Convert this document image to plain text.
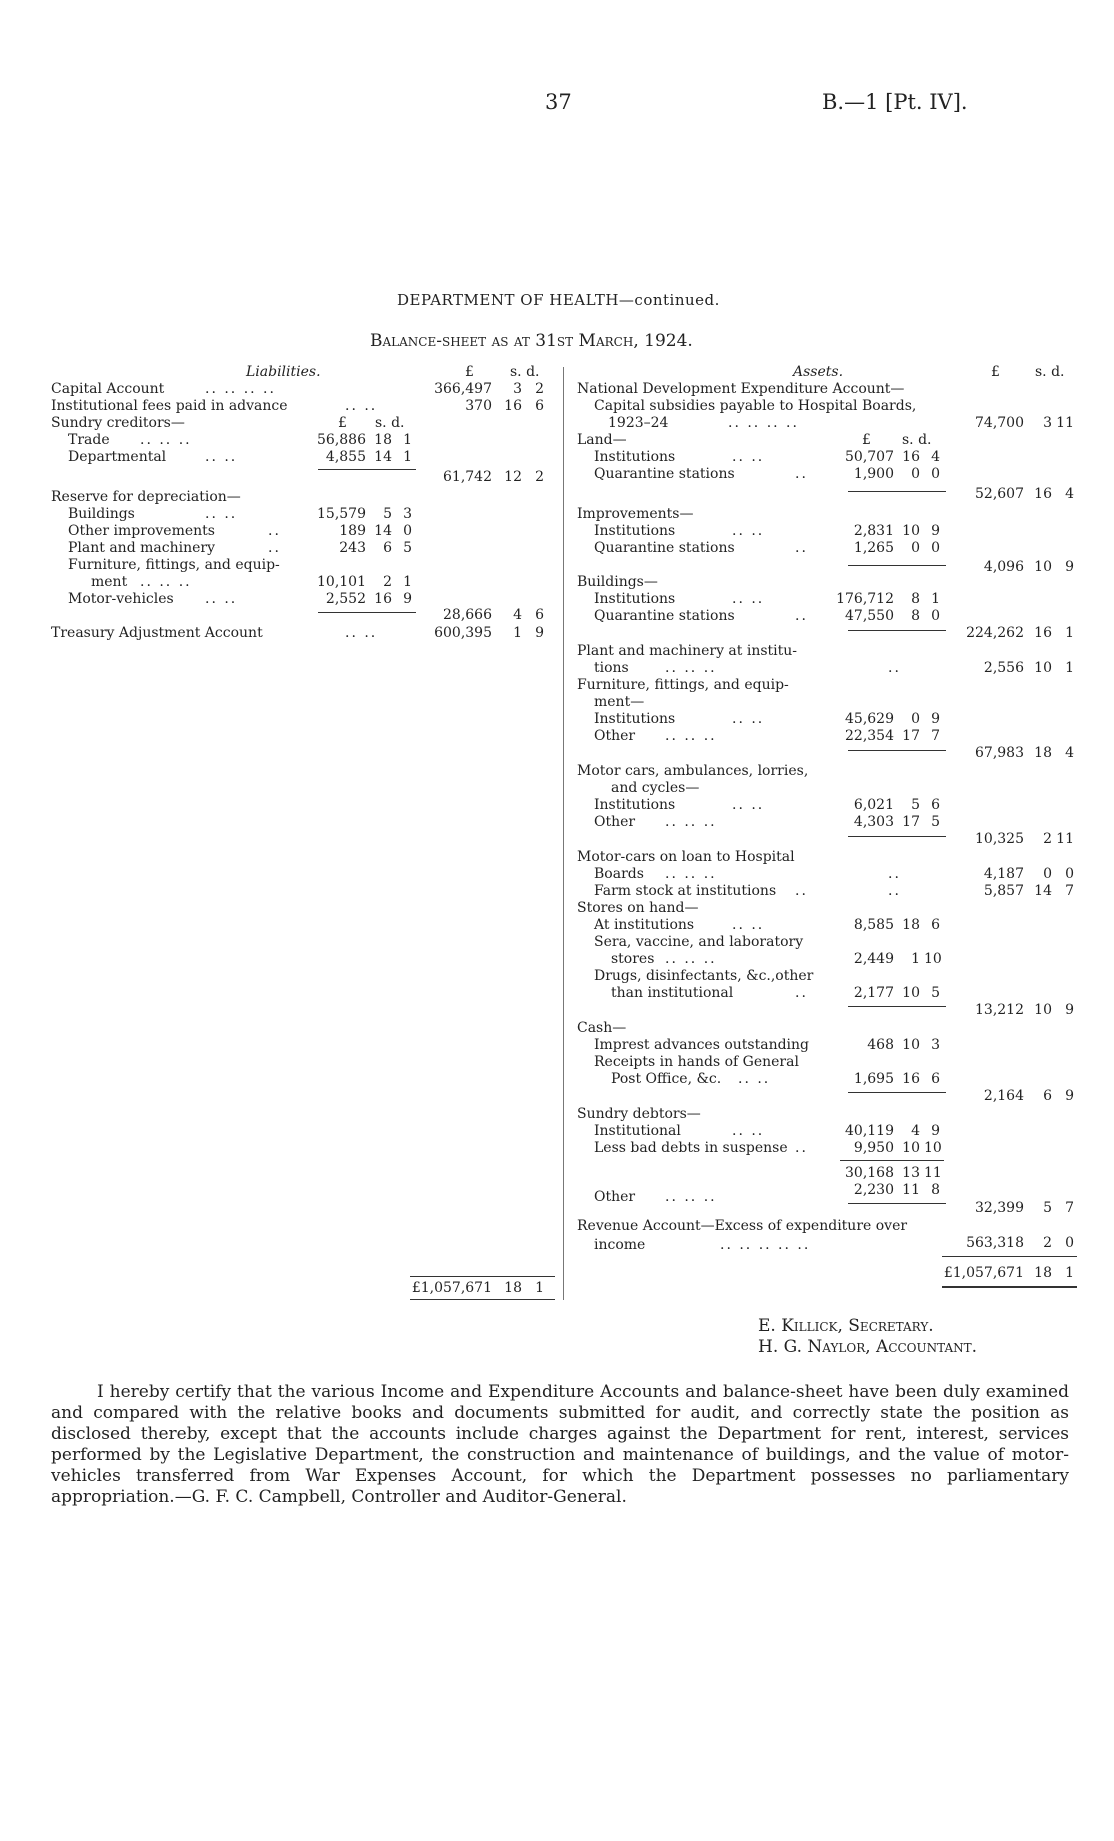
37	B.—1 [Pt. IV].
DEPARTMENT OF HEALTH—continued.
Balance-sheet as at 31st March, 1924.
Liabilities.	£	s. d.
Capital Account	.. .. .. ..	366,497	3 2
Institutional fees paid in advance	.. ..	370 16 6
Sundry creditors—	£ s. d.
Trade .. .. ..	56,886 18 1
Departmental	.. ..	4,855 14 1
61,742 12 2
Reserve for depreciation—
Buildings	.. ..	15,579	5 3
Other improvements	..	189 14 0
Plant and machinery	..	243	6 5
Furniture, fittings, and equip-
ment .. .. ..	10,101	2 1
Motor-vehicles .. ..	2,552 16 9
28,666	4 6
Treasury Adjustment Account	.. ..	600,395	1 9
£1,057,671 18 1
Assets.	£	s. d.
National Development Expenditure Account—
Capital subsidies payable to Hospital Boards,
1923–24	.. .. .. ..	74,700	3 11
Land—	£ s. d.
Institutions	.. ..	50,707 16 4
Quarantine stations	..	1,900	0 0
52,607 16 4
Improvements—
Institutions	.. ..	2,831 10 9
Quarantine stations	..	1,265	0 0
4,096 10 9
Buildings—
Institutions	.. ..	176,712	8 1
Quarantine stations	..	47,550	8 0
224,262 16 1
Plant and machinery at institu-
tions	.. .. ..	..	2,556 10 1
Furniture, fittings, and equip-
ment—
Institutions	.. ..	45,629	0 9
Other .. .. ..	22,354 17 7
67,983 18 4
Motor cars, ambulances, lorries,
and cycles—
Institutions	.. ..	6,021	5 6
Other .. .. ..	4,303 17 5
10,325	2 11
Motor-cars on loan to Hospital
Boards .. .. ..	..	4,187	0 0
Farm stock at institutions ..	..	5,857 14 7
Stores on hand—
At institutions	.. ..	8,585 18 6
Sera, vaccine, and laboratory
stores .. .. ..	2,449	1 10
Drugs, disinfectants, &c.,other
than institutional	..	2,177 10 5
13,212 10 9
Cash—
Imprest advances outstanding	468 10 3
Receipts in hands of General
Post Office, &c. .. ..	1,695 16 6
2,164	6 9
Sundry debtors—
Institutional	.. ..	40,119	4 9
Less bad debts in suspense ..	9,950 10 10
30,168 13 11
Other .. .. ..	2,230 11 8
32,399	5 7
Revenue Account—Excess of expenditure over
income	.. .. .. .. ..	563,318	2 0
£1,057,671 18 1
E. Killick, Secretary.
H. G. Naylor, Accountant.
I hereby certify that the various Income and Expenditure Accounts and balance-sheet have been duly examined and compared with the relative books and documents submitted for audit, and correctly state the position as disclosed thereby, except that the accounts include charges against the Department for rent, interest, services performed by the Legislative Department, the construction and maintenance of buildings, and the value of motor-vehicles transferred from War Expenses Account, for which the Department possesses no parliamentary appropriation.—G. F. C. Campbell, Controller and Auditor-General.
